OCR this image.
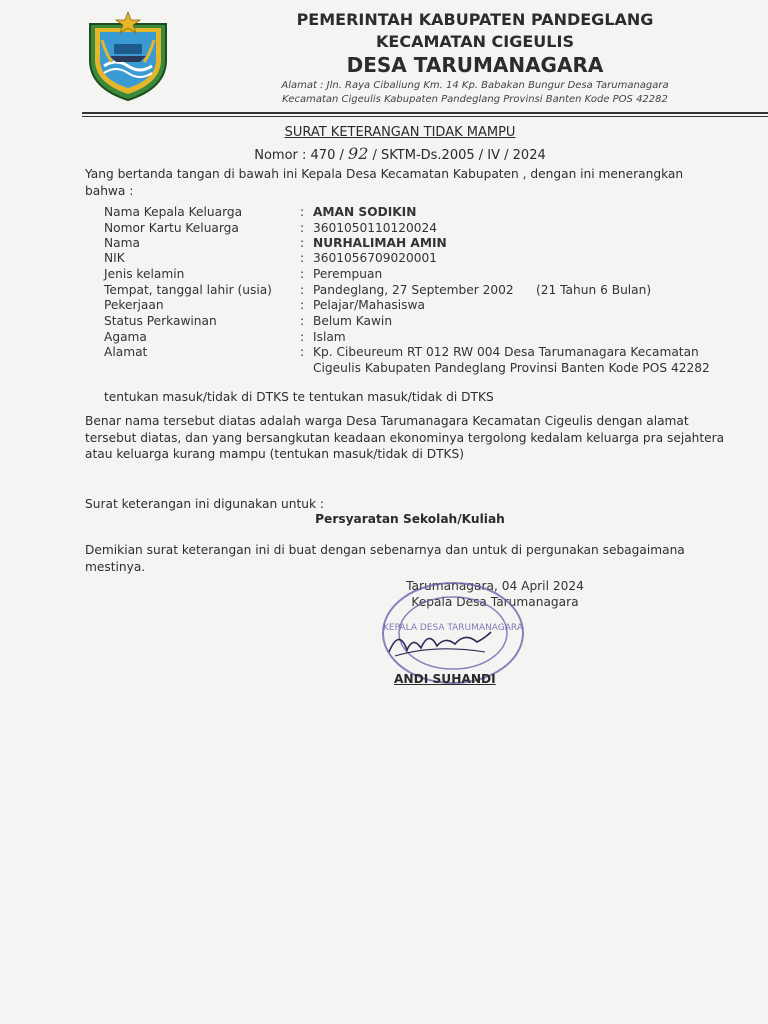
PEMERINTAH KABUPATEN PANDEGLANG
KECAMATAN CIGEULIS
DESA TARUMANAGARA
Alamat : Jln. Raya Cibaliung Km. 14 Kp. Babakan Bungur Desa Tarumanagara
Kecamatan Cigeulis Kabupaten Pandeglang Provinsi Banten Kode POS 42282
SURAT KETERANGAN TIDAK MAMPU
Nomor : 470 / 92 / SKTM-Ds.2005 / IV / 2024
Yang bertanda tangan di bawah ini Kepala Desa Kecamatan Kabupaten , dengan ini menerangkan bahwa :
Nama Kepala Keluarga	: AMAN SODIKIN
Nomor Kartu Keluarga	: 3601050110120024
Nama	: NURHALIMAH AMIN
NIK	: 3601056709020001
Jenis kelamin	: Perempuan
Tempat, tanggal lahir (usia) : Pandeglang, 27 September 2002 (21 Tahun 6 Bulan)
Pekerjaan	: Pelajar/Mahasiswa
Status Perkawinan	: Belum Kawin
Agama	: Islam
Alamat	: Kp. Cibeureum RT 012 RW 004 Desa Tarumanagara Kecamatan Cigeulis Kabupaten Pandeglang Provinsi Banten Kode POS 42282
tentukan masuk/tidak di DTKS te tentukan masuk/tidak di DTKS
Benar nama tersebut diatas adalah warga Desa Tarumanagara Kecamatan Cigeulis dengan alamat tersebut diatas, dan yang bersangkutan keadaan ekonominya tergolong kedalam keluarga pra sejahtera atau keluarga kurang mampu (tentukan masuk/tidak di DTKS)
Surat keterangan ini digunakan untuk :
Persyaratan Sekolah/Kuliah
Demikian surat keterangan ini di buat dengan sebenarnya dan untuk di pergunakan sebagaimana mestinya.
Tarumanagara, 04 April 2024
Kepala Desa Tarumanagara
KEPALA DESA TARUMANAGARA
ANDI SUHANDI
